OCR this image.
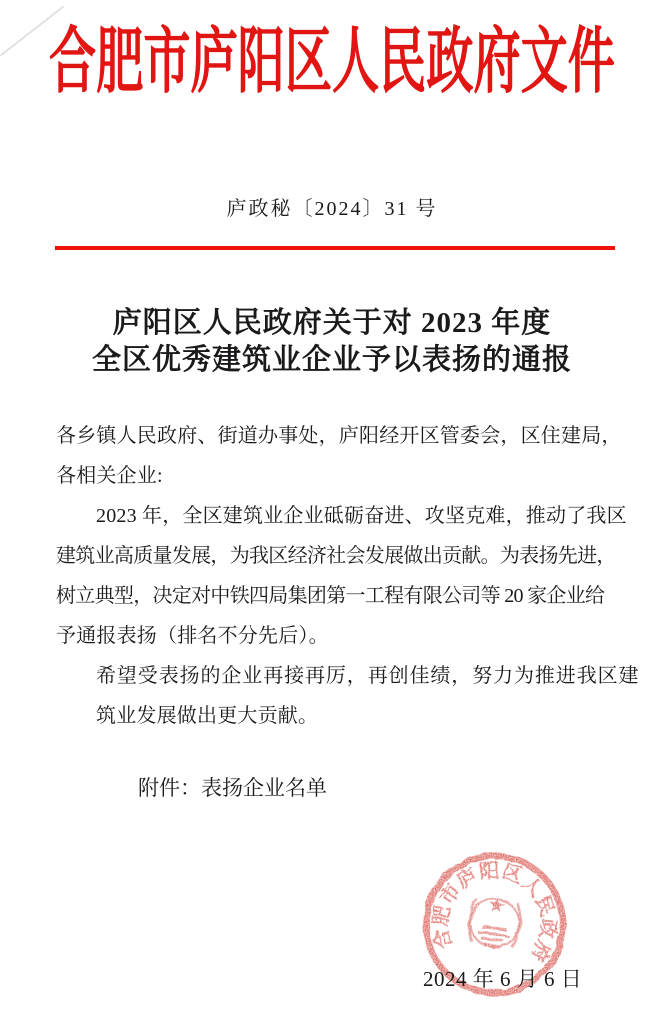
合肥市庐阳区人民政府文件
庐政秘〔2024〕31 号
庐阳区人民政府关于对 2023 年度
全区优秀建筑业企业予以表扬的通报

各乡镇人民政府、街道办事处，庐阳经开区管委会，区住建局，

各相关企业:

2023 年，全区建筑业企业砥砺奋进、攻坚克难，推动了我区

建筑业高质量发展，为我区经济社会发展做出贡献。为表扬先进，

树立典型，决定对中铁四局集团第一工程有限公司等 20 家企业给

予通报表扬（排名不分先后）。

希望受表扬的企业再接再厉，再创佳绩，努力为推进我区建

筑业发展做出更大贡献。

附件：表扬企业名单

合肥市庐阳区人民政府
2024 年 6 月 6 日
